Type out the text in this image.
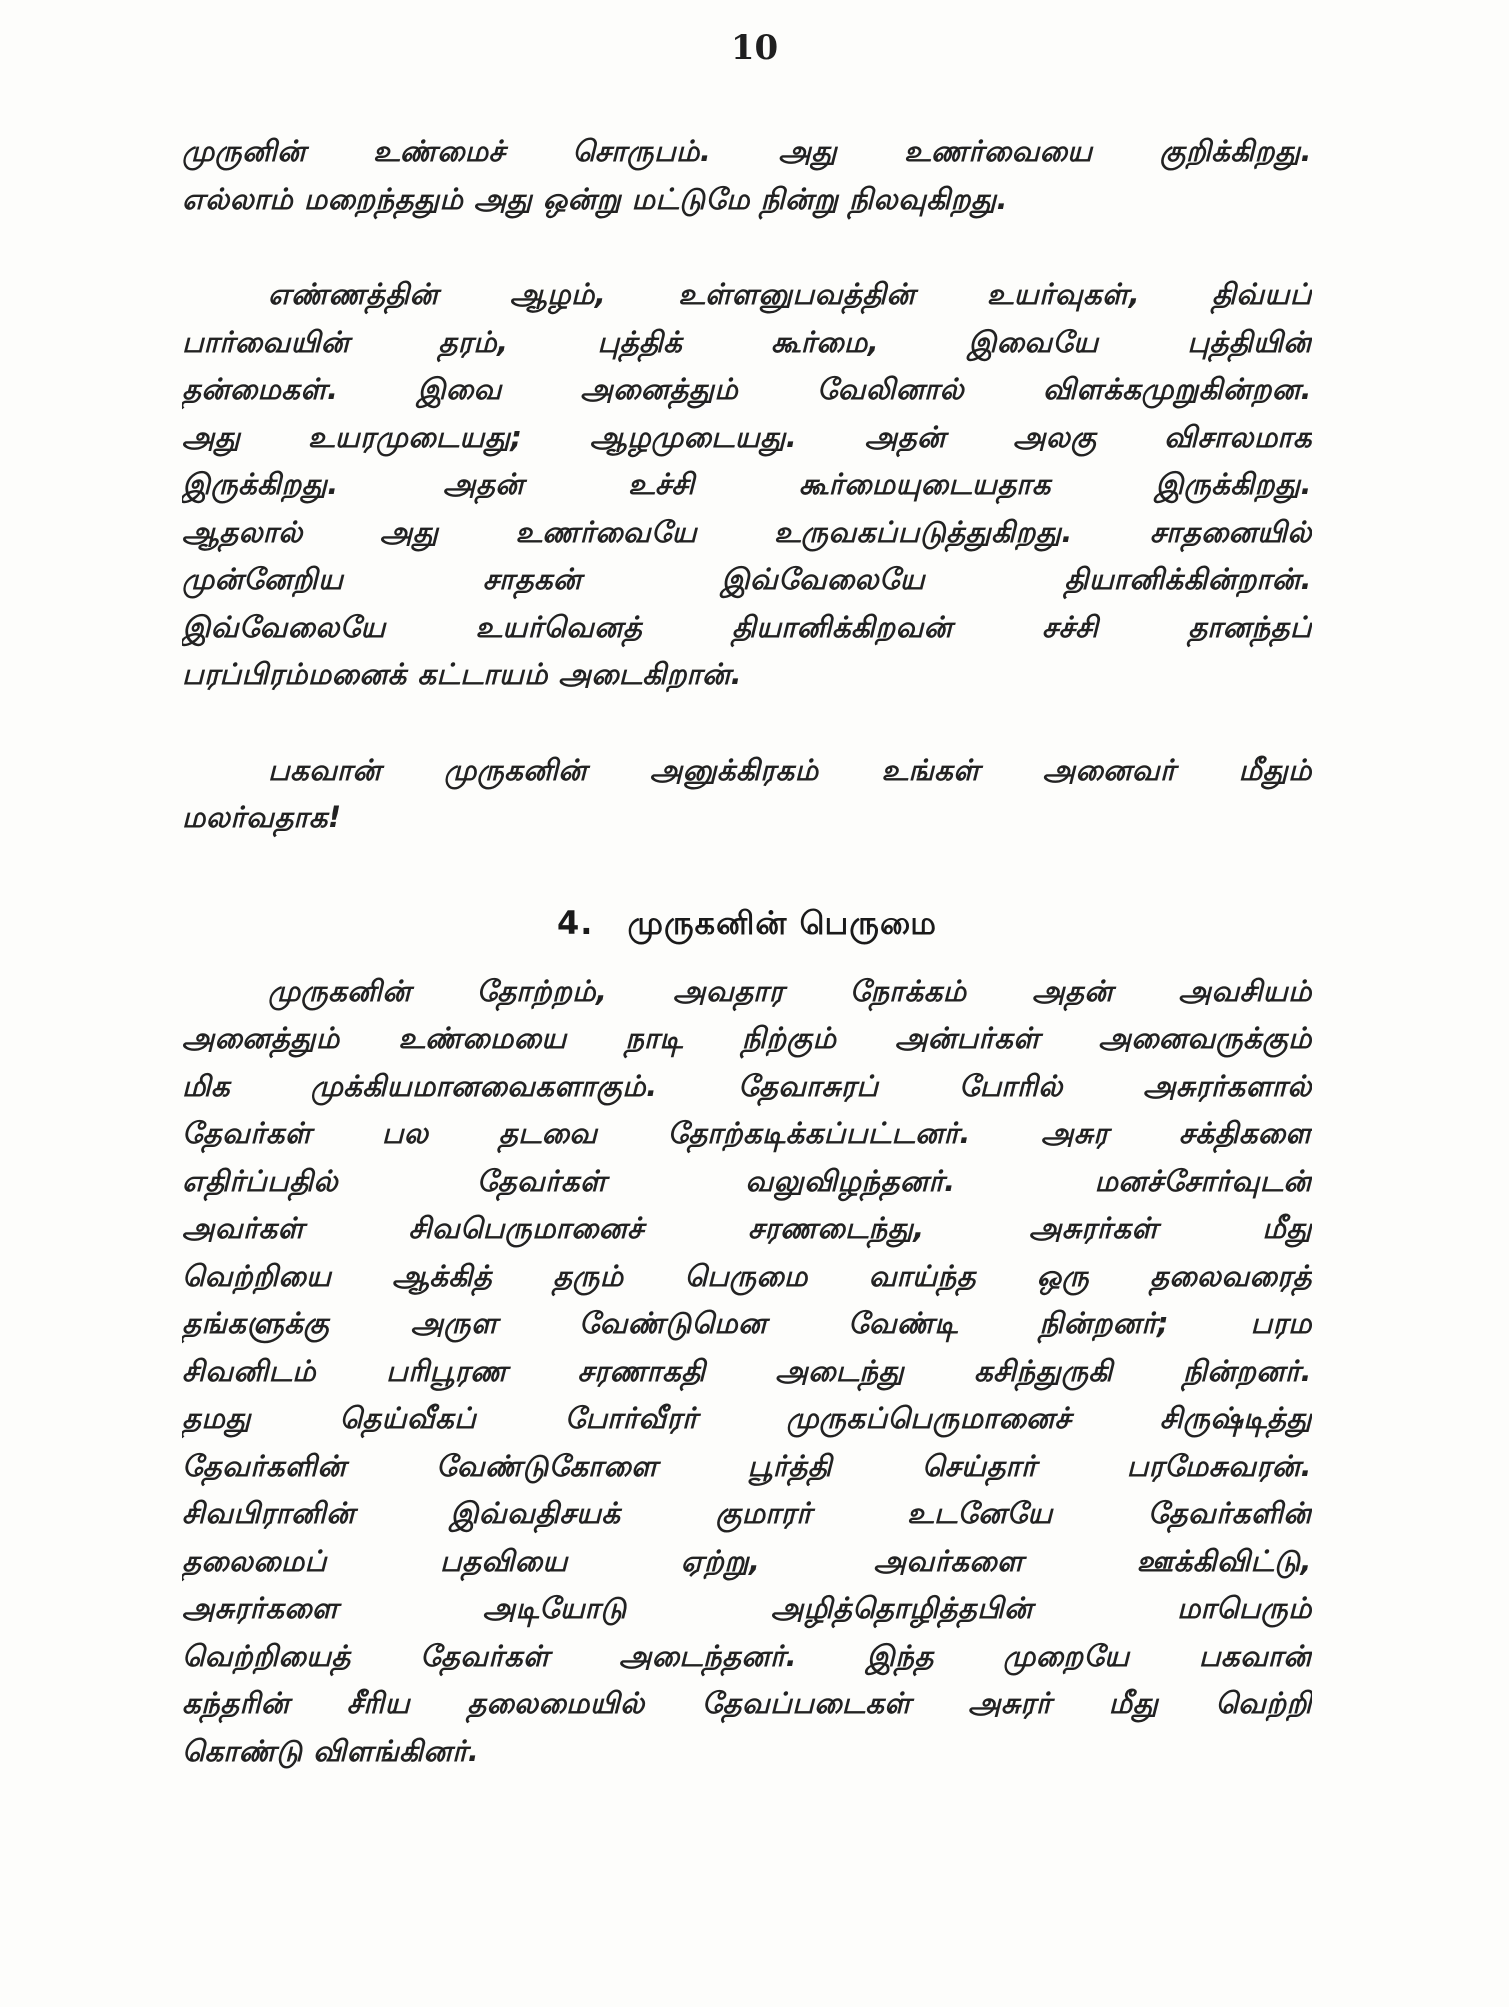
10

முருனின் உண்மைச் சொருபம். அது உணர்வையை குறிக்கிறது.
எல்லாம் மறைந்ததும் அது ஒன்று மட்டுமே நின்று நிலவுகிறது.

எண்ணத்தின் ஆழம், உள்ளனுபவத்தின் உயர்வுகள், திவ்யப்
பார்வையின் தரம், புத்திக் கூர்மை, இவையே புத்தியின்
தன்மைகள். இவை அனைத்தும் வேலினால் விளக்கமுறுகின்றன.
அது உயரமுடையது; ஆழமுடையது. அதன் அலகு விசாலமாக
இருக்கிறது. அதன் உச்சி கூர்மையுடையதாக இருக்கிறது.
ஆதலால் அது உணர்வையே உருவகப்படுத்துகிறது. சாதனையில்
முன்னேறிய சாதகன் இவ்வேலையே தியானிக்கின்றான்.
இவ்வேலையே உயர்வெனத் தியானிக்கிறவன் சச்சி தானந்தப்
பரப்பிரம்மனைக் கட்டாயம் அடைகிறான்.

பகவான் முருகனின் அனுக்கிரகம் உங்கள் அனைவர் மீதும்
மலர்வதாக!

4. முருகனின் பெருமை

முருகனின் தோற்றம், அவதார நோக்கம் அதன் அவசியம்
அனைத்தும் உண்மையை நாடி நிற்கும் அன்பர்கள் அனைவருக்கும்
மிக முக்கியமானவைகளாகும். தேவாசுரப் போரில் அசுரர்களால்
தேவர்கள் பல தடவை தோற்கடிக்கப்பட்டனர். அசுர சக்திகளை
எதிர்ப்பதில் தேவர்கள் வலுவிழந்தனர். மனச்சோர்வுடன்
அவர்கள் சிவபெருமானைச் சரணடைந்து, அசுரர்கள் மீது
வெற்றியை ஆக்கித் தரும் பெருமை வாய்ந்த ஒரு தலைவரைத்
தங்களுக்கு அருள வேண்டுமென வேண்டி நின்றனர்; பரம
சிவனிடம் பரிபூரண சரணாகதி அடைந்து கசிந்துருகி நின்றனர்.
தமது தெய்வீகப் போர்வீரர் முருகப்பெருமானைச் சிருஷ்டித்து
தேவர்களின் வேண்டுகோளை பூர்த்தி செய்தார் பரமேசுவரன்.
சிவபிரானின் இவ்வதிசயக் குமாரர் உடனேயே தேவர்களின்
தலைமைப் பதவியை ஏற்று, அவர்களை ஊக்கிவிட்டு,
அசுரர்களை அடியோடு அழித்தொழித்தபின் மாபெரும்
வெற்றியைத் தேவர்கள் அடைந்தனர். இந்த முறையே பகவான்
கந்தரின் சீரிய தலைமையில் தேவப்படைகள் அசுரர் மீது வெற்றி
கொண்டு விளங்கினர்.
